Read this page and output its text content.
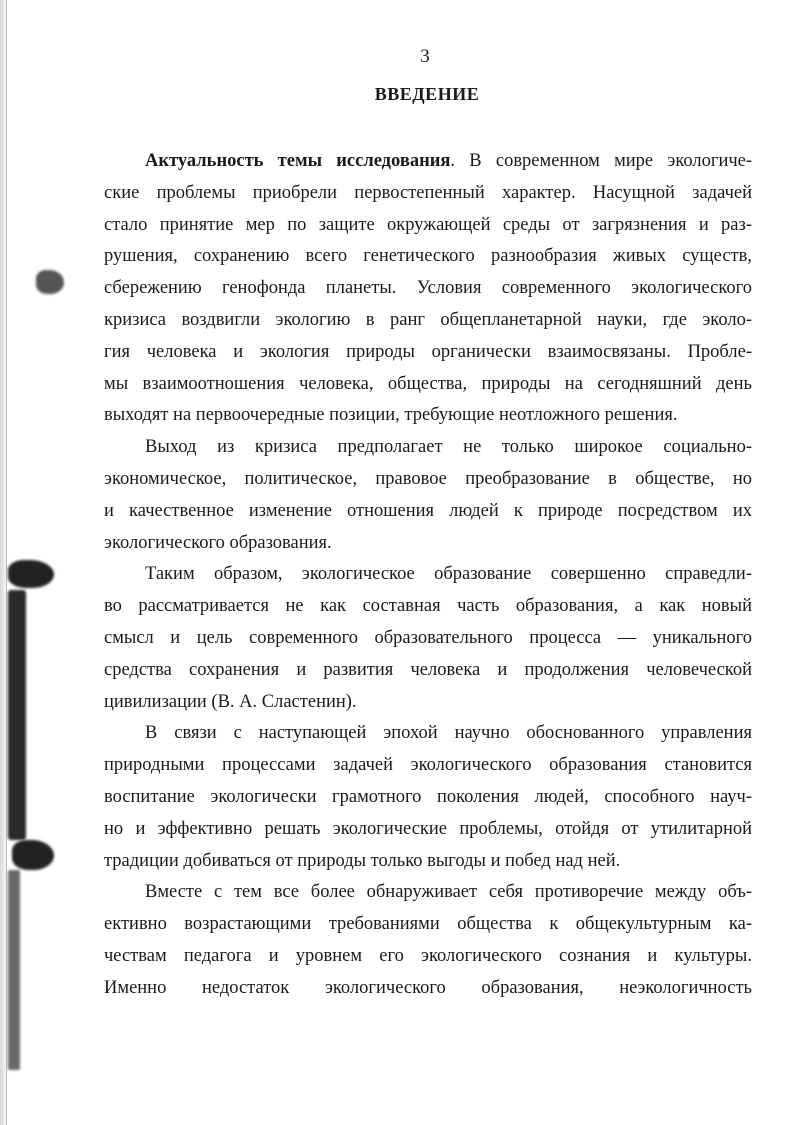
3
ВВЕДЕНИЕ
Актуальность темы исследования. В современном мире экологиче-
ские проблемы приобрели первостепенный характер. Насущной задачей
стало принятие мер по защите окружающей среды от загрязнения и раз-
рушения, сохранению всего генетического разнообразия живых существ,
сбережению генофонда планеты. Условия современного экологического
кризиса воздвигли экологию в ранг общепланетарной науки, где эколо-
гия человека и экология природы органически взаимосвязаны. Пробле-
мы взаимоотношения человека, общества, природы на сегодняшний день
выходят на первоочередные позиции, требующие неотложного решения.
Выход из кризиса предполагает не только широкое социально-
экономическое, политическое, правовое преобразование в обществе, но
и качественное изменение отношения людей к природе посредством их
экологического образования.
Таким образом, экологическое образование совершенно справедли-
во рассматривается не как составная часть образования, а как новый
смысл и цель современного образовательного процесса — уникального
средства сохранения и развития человека и продолжения человеческой
цивилизации (В. А. Сластенин).
В связи с наступающей эпохой научно обоснованного управления
природными процессами задачей экологического образования становится
воспитание экологически грамотного поколения людей, способного науч-
но и эффективно решать экологические проблемы, отойдя от утилитарной
традиции добиваться от природы только выгоды и побед над ней.
Вместе с тем все более обнаруживает себя противоречие между объ-
ективно возрастающими требованиями общества к общекультурным ка-
чествам педагога и уровнем его экологического сознания и культуры.
Именно недостаток экологического образования, неэкологичность
